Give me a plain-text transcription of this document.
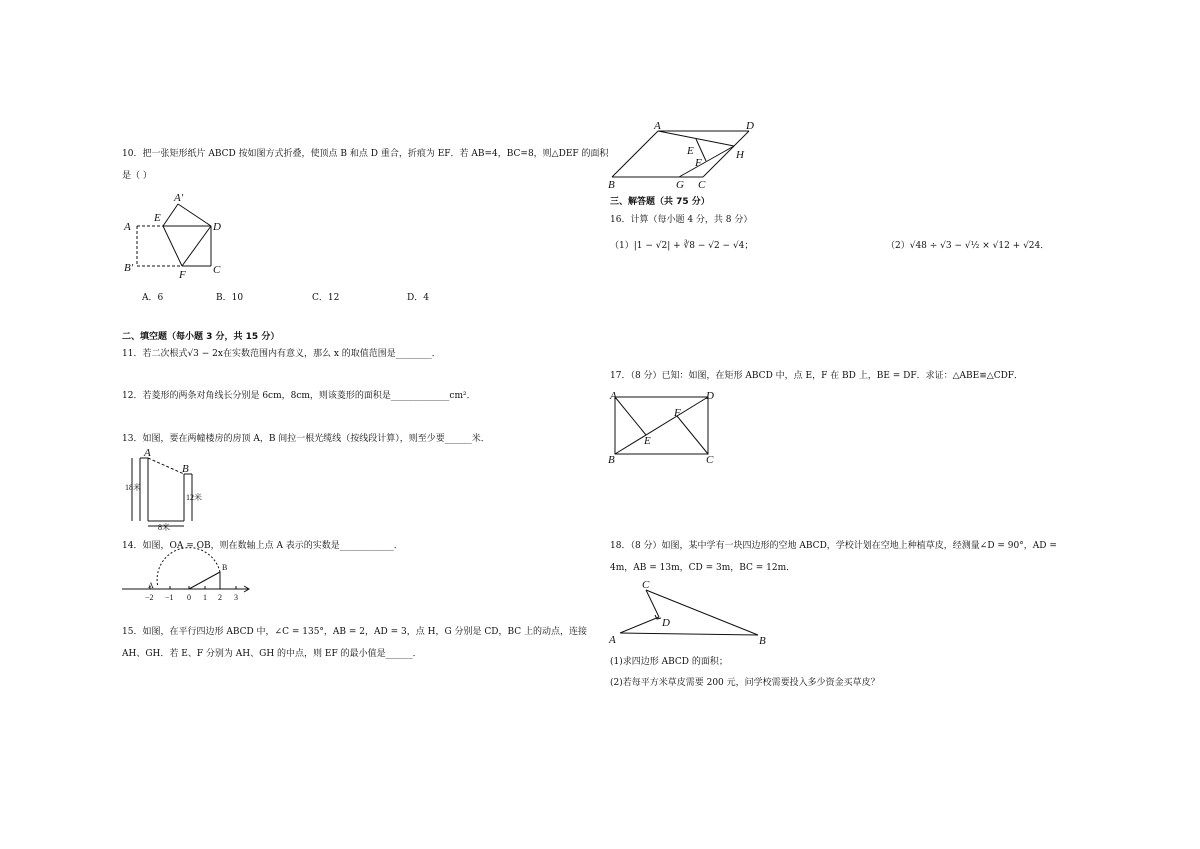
10．把一张矩形纸片 ABCD 按如图方式折叠，使顶点 B 和点 D 重合，折痕为 EF．若 AB=4，BC=8，则△DEF 的面积
是（ ）
A
A′
E
D
B′
F C
A．6	B．10	C．12	D．4
二、填空题（每小题 3 分，共 15 分）
11．若二次根式√3 − 2x在实数范围内有意义，那么 x 的取值范围是________．
12．若菱形的两条对角线长分别是 6cm，8cm，则该菱形的面积是_____________cm²．
13．如图，要在两幢楼房的房顶 A，B 间拉一根光缆线（按线段计算），则至少要______米．
A
B
18米
12米
8米
14．如图，OA = OB，则在数轴上点 A 表示的实数是____________．
A
B
−2 −1 0 1 2 3
15．如图，在平行四边形 ABCD 中，∠C = 135°，AB = 2，AD = 3，点 H，G 分别是 CD，BC 上的动点，连接
AH、GH．若 E、F 分别为 AH、GH 的中点，则 EF 的最小值是______．
A	D
E	H
F
B	G C
三、解答题（共 75 分）
16．计算（每小题 4 分，共 8 分）
（1）|1 − √2| + ∛8 − √2 − √4；	（2）√48 ÷ √3 − √½ × √12 + √24．
17．（8 分）已知：如图，在矩形 ABCD 中，点 E，F 在 BD 上，BE = DF．求证：△ABE≌△CDF．
A	D
F
E
B	C
18．（8 分）如图，某中学有一块四边形的空地 ABCD，学校计划在空地上种植草皮，经测量∠D = 90°，AD =
4m，AB = 13m，CD = 3m，BC = 12m．
C
D
A	B
(1)求四边形 ABCD 的面积；
(2)若每平方米草皮需要 200 元，问学校需要投入多少资金买草皮？
